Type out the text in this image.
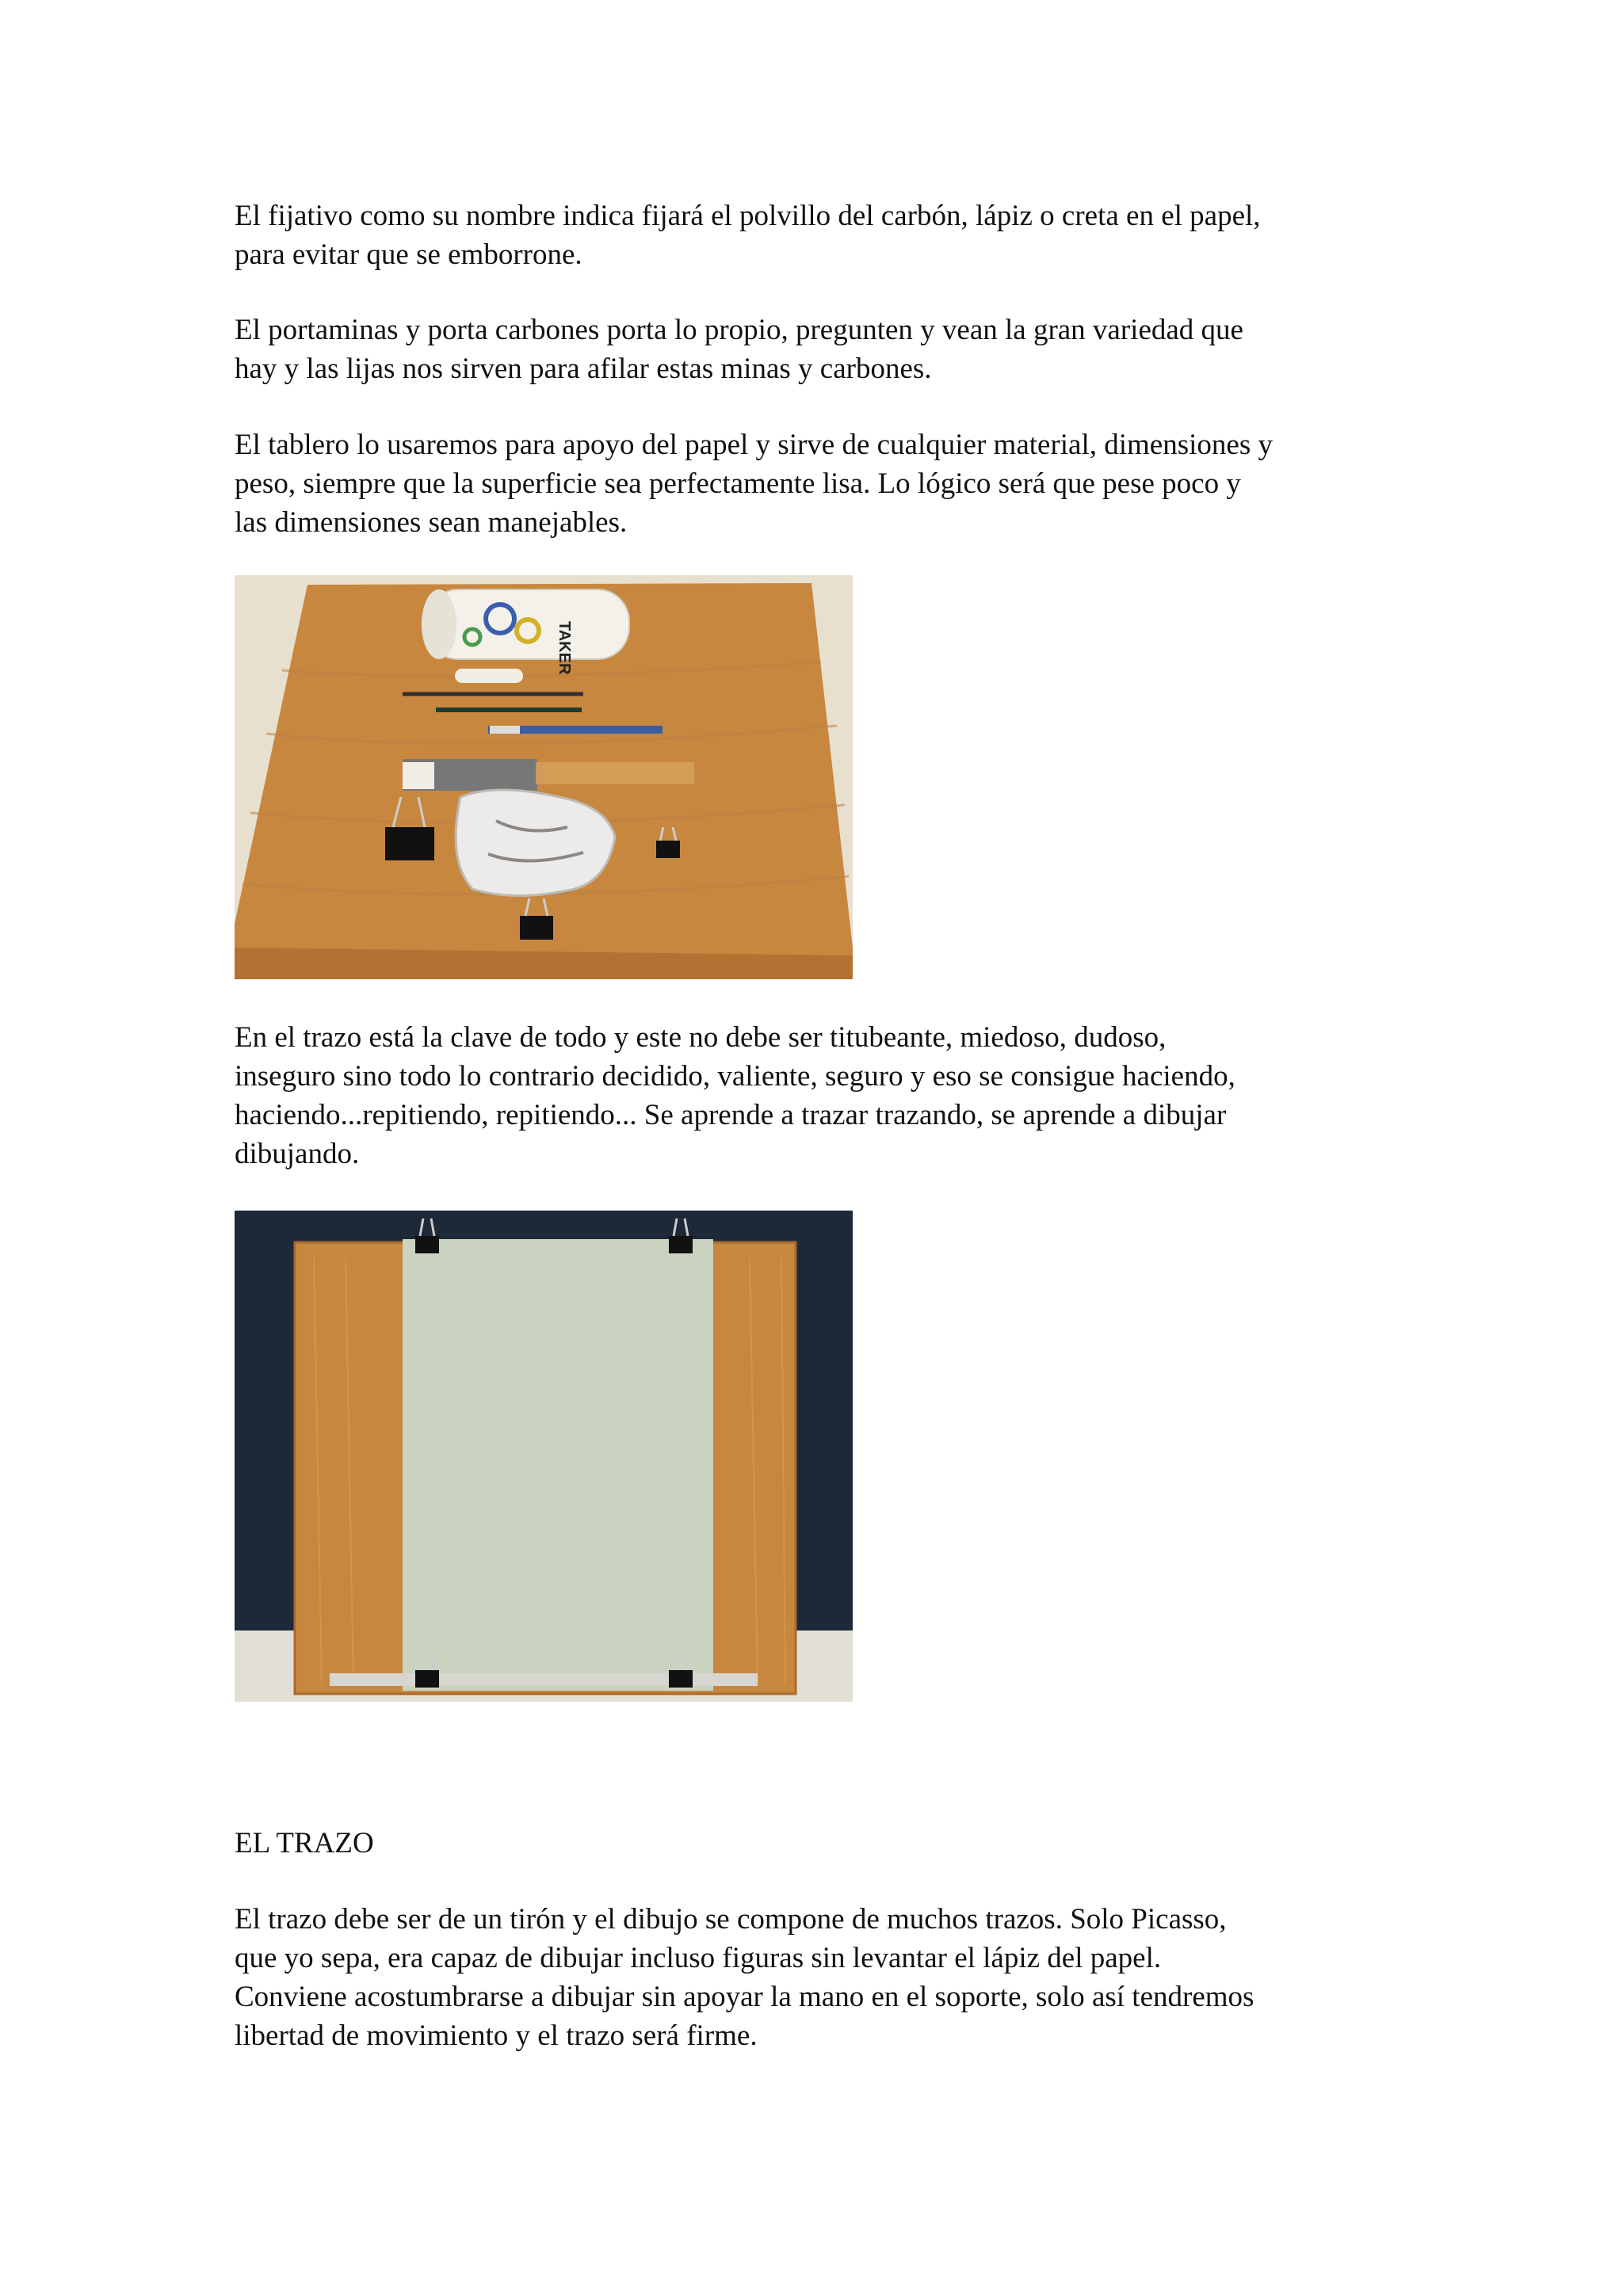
El fijativo como su nombre indica fijará el polvillo del carbón, lápiz o creta en el papel,
para evitar que se emborrone.

El portaminas y porta carbones porta lo propio, pregunten y vean la gran variedad que
hay y las lijas nos sirven para afilar estas minas y carbones.

El tablero lo usaremos para apoyo del papel y sirve de cualquier material, dimensiones y
peso, siempre que la superficie sea perfectamente lisa. Lo lógico será que pese poco y
las dimensiones sean manejables.

TAKER

En el trazo está la clave de todo y este no debe ser titubeante, miedoso, dudoso,
inseguro sino todo lo contrario decidido, valiente, seguro y eso se consigue haciendo,
haciendo...repitiendo, repitiendo... Se aprende a trazar trazando, se aprende a dibujar
dibujando.

EL TRAZO

El trazo debe ser de un tirón y el dibujo se compone de muchos trazos. Solo Picasso,
que yo sepa, era capaz de dibujar incluso figuras sin levantar el lápiz del papel.
Conviene acostumbrarse a dibujar sin apoyar la mano en el soporte, solo así tendremos
libertad de movimiento y el trazo será firme.
